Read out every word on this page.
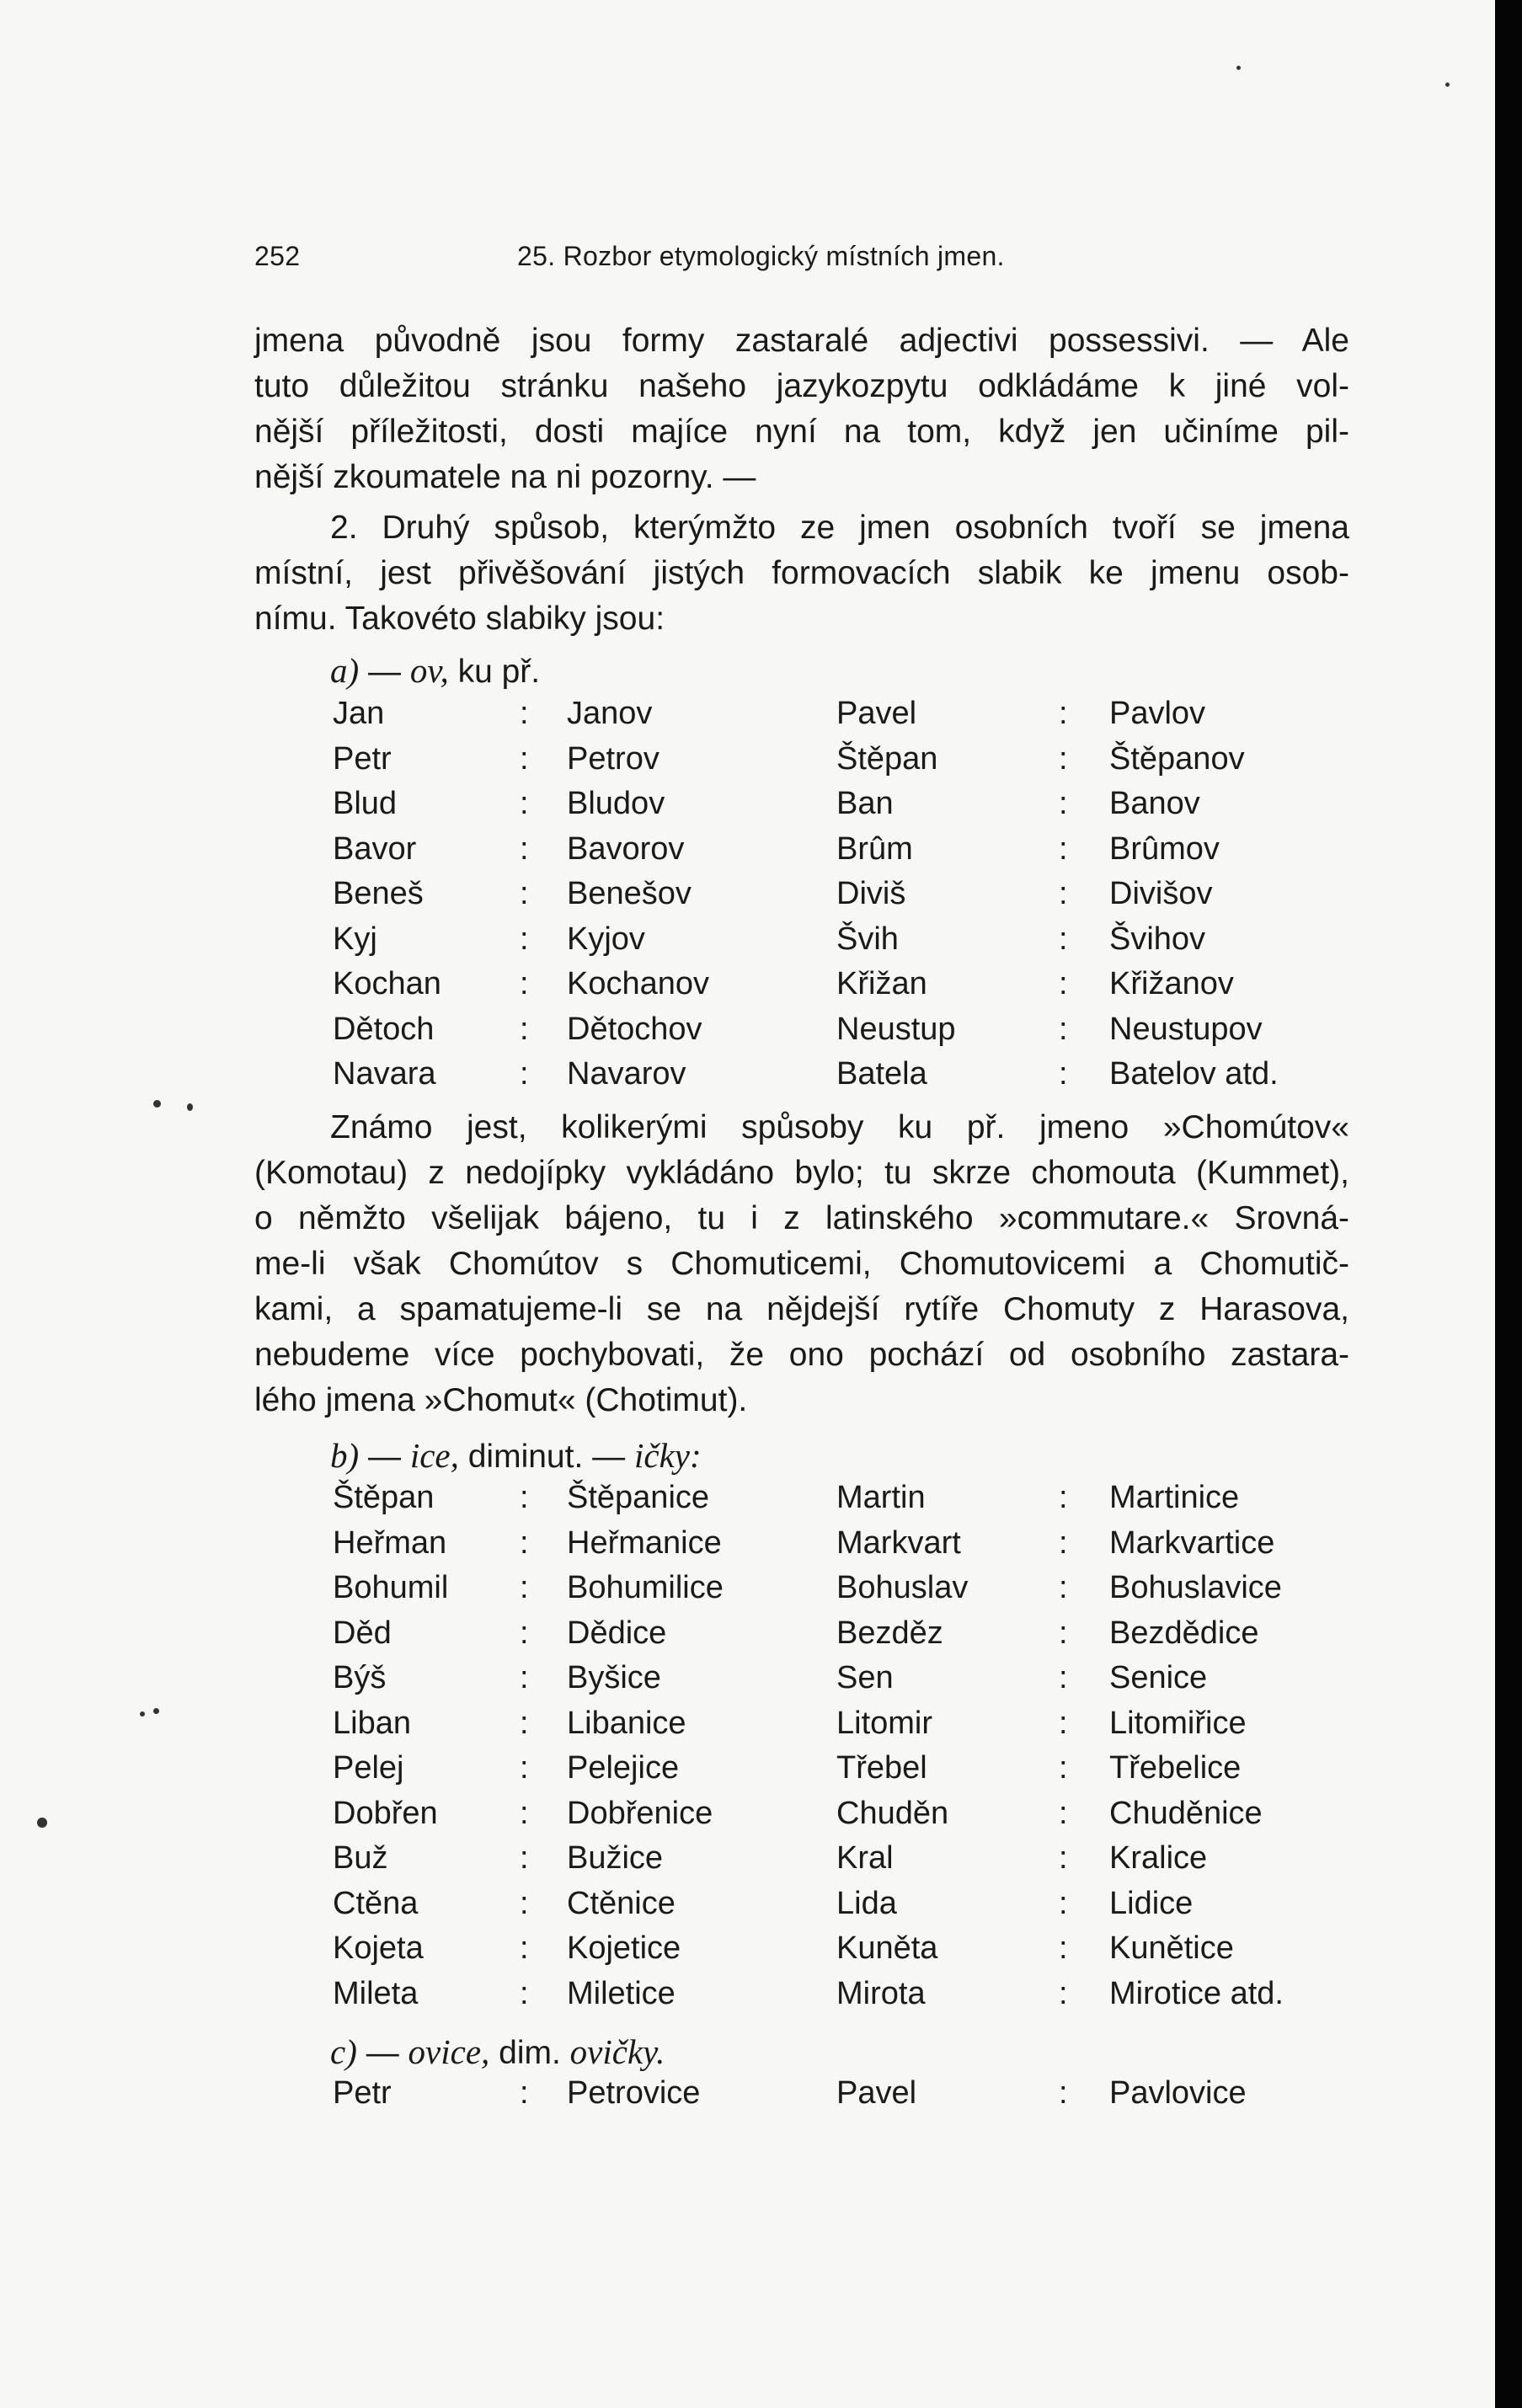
252	25. Rozbor etymologický místních jmen.
jmena původně jsou formy zastaralé adjectivi possessivi. — Ale
tuto důležitou stránku našeho jazykozpytu odkládáme k jiné vol-
nější příležitosti, dosti majíce nyní na tom, když jen učiníme pil-
nější zkoumatele na ni pozorny. —
2. Druhý spůsob, kterýmžto ze jmen osobních tvoří se jmena
místní, jest přivěšování jistých formovacích slabik ke jmenu osob-
nímu. Takovéto slabiky jsou:
a) — ov, ku př.
Jan	: Janov	Pavel	: Pavlov
Petr	: Petrov	Štěpan	: Štěpanov
Blud	: Bludov	Ban	: Banov
Bavor	: Bavorov	Brûm	: Brûmov
Beneš	: Benešov	Diviš	: Divišov
Kyj	: Kyjov	Švih	: Švihov
Kochan : Kochanov	Křižan	: Křižanov
Dětoch	: Dětochov	Neustup	: Neustupov
Navara	: Navarov	Batela	: Batelov atd.
Známo jest, kolikerými spůsoby ku př. jmeno »Chomútov«
(Komotau) z nedojípky vykládáno bylo; tu skrze chomouta (Kummet),
o němžto všelijak bájeno, tu i z latinského »commutare.« Srovná-
me-li však Chomútov s Chomuticemi, Chomutovicemi a Chomutič-
kami, a spamatujeme-li se na nějdejší rytíře Chomuty z Harasova,
nebudeme více pochybovati, že ono pochází od osobního zastara-
lého jmena »Chomut« (Chotimut).
b) — ice, diminut. — ičky:
Štěpan	: Štěpanice	Martin	: Martinice
Heřman : Heřmanice	Markvart	: Markvartice
Bohumil : Bohumilice	Bohuslav	: Bohuslavice
Děd	: Dědice	Bezděz	: Bezdědice
Býš	: Byšice	Sen	: Senice
Liban	: Libanice	Litomir	: Litomiřice
Pelej	: Pelejice	Třebel	: Třebelice
Dobřen	: Dobřenice	Chuděn	: Chuděnice
Buž	: Bužice	Kral	: Kralice
Ctěna	: Ctěnice	Lida	: Lidice
Kojeta	: Kojetice	Kuněta	: Kunětice
Mileta	: Miletice	Mirota	: Mirotice atd.
c) — ovice, dim. ovičky.
Petr	: Petrovice	Pavel	: Pavlovice
